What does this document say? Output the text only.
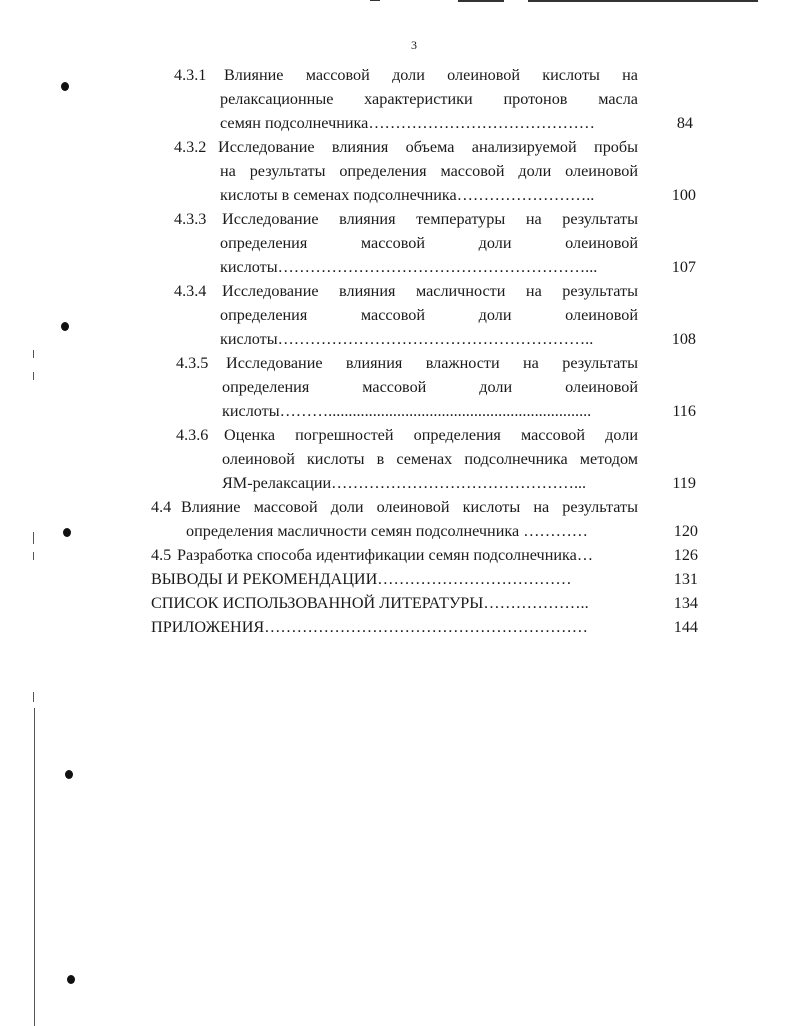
3
4.3.1 Влияние массовой доли олеиновой кислоты на
релаксационные характеристики протонов масла
семян подсолнечника……………………………………	84
4.3.2 Исследование влияния объема анализируемой пробы
на результаты определения массовой доли олеиновой
кислоты в семенах подсолнечника……………………..	100
4.3.3 Исследование влияния температуры на результаты
определения массовой доли олеиновой
кислоты…………………………………………………...	107
4.3.4 Исследование влияния масличности на результаты
определения массовой доли олеиновой
кислоты…………………………………………………..	108
4.3.5 Исследование влияния влажности на результаты
определения массовой доли олеиновой
кислоты……….................................................................	116
4.3.6 Оценка погрешностей определения массовой доли
олеиновой кислоты в семенах подсолнечника методом
ЯМ-релаксации………………………………………...	119
4.4 Влияние массовой доли олеиновой кислоты на результаты
определения масличности семян подсолнечника …………	120
4.5 Разработка способа идентификации семян подсолнечника…	126
ВЫВОДЫ И РЕКОМЕНДАЦИИ………………………………	131
СПИСОК ИСПОЛЬЗОВАННОЙ ЛИТЕРАТУРЫ………………..	134
ПРИЛОЖЕНИЯ……………………………………………………	144
